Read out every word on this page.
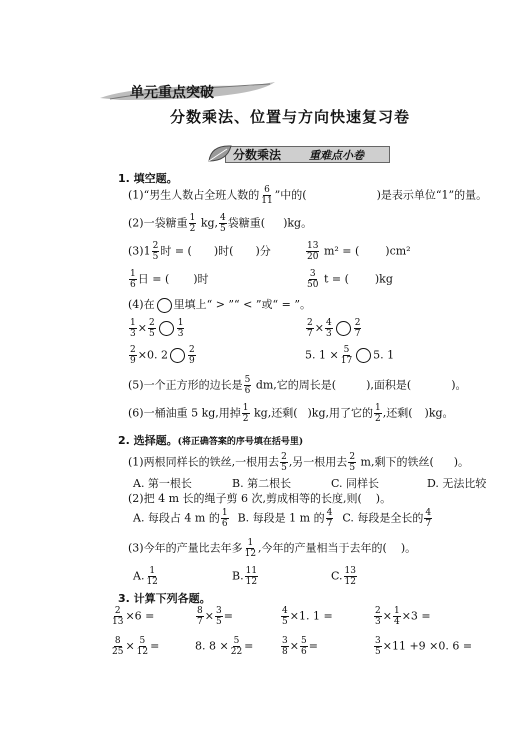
单元重点突破
分数乘法、位置与方向快速复习卷
分数乘法	重难点小卷
1. 填空题。
(1)“男生人数占全班人数的 $\frac{6}{11}$ ”中的(	)是表示单位“1”的量。
(2)一袋糖重 $\frac{1}{2}$ kg, $\frac{4}{5}$ 袋糖重( )kg。
$(3)1 \frac{2}{5}$ 时 = ( )时( )分	$\frac{13}{20} m^2$ = ( )cm²
$\frac{1}{6}$ 日 = ( )时	$\frac{3}{50}$ t = ( )kg
(4)在 里填上“ > ”“ < ”或“ = ”。
$\frac{1}{3} \times \frac{2}{5} \frac{1}{3}$	$\frac{2}{7} \times \frac{4}{3} \frac{2}{7}$
$\frac{2}{9} \times 0$. $2 \frac{2}{9}$	5. $1 \times \frac{5}{17} 5$. 1
(5)一个正方形的边长是 $\frac{5}{6}$ dm,它的周长是(	),面积是(	)。
(6)一桶油重 5 kg,用掉 $\frac{1}{2}$ kg,还剩( )kg,用了它的 $\frac{1}{2}$ ,还剩( )kg。
2. 选择题。(将正确答案的序号填在括号里)
(1)两根同样长的铁丝,一根用去 $\frac{2}{5}$ ,另一根用去 $\frac{2}{5} m$,剩下的铁丝( )。
A. 第一根长	B. 第二根长	C. 同样长	D. 无法比较
(2)把 4 m 长的绳子剪 6 次,剪成相等的长度,则( )。
A. 每段占 4 m 的 $\frac{1}{6} B$. 每段是 1 m 的 $\frac{4}{7} C$. 每段是全长的 $\frac{4}{7}$
(3)今年的产量比去年多 $\frac{1}{12}$ ,今年的产量相当于去年的( )。
A. $\frac{1}{12}$	B. $\frac{11}{12}$	C. $\frac{13}{12}$
3. 计算下列各题。
$\frac{2}{13} \times 6$ =	$\frac{8}{7} \times \frac{3}{5}$ =	$\frac{4}{5} \times 1$. 1 =	$\frac{2}{3} \times \frac{1}{4} \times 3$ =
$\frac{8}{25} \times \frac{5}{12}$ =	8. $8 \times \frac{5}{22}$ =	$\frac{3}{8} \times \frac{5}{6}$ =	$\frac{3}{5} \times 11 +9 \times 0$. 6 =
